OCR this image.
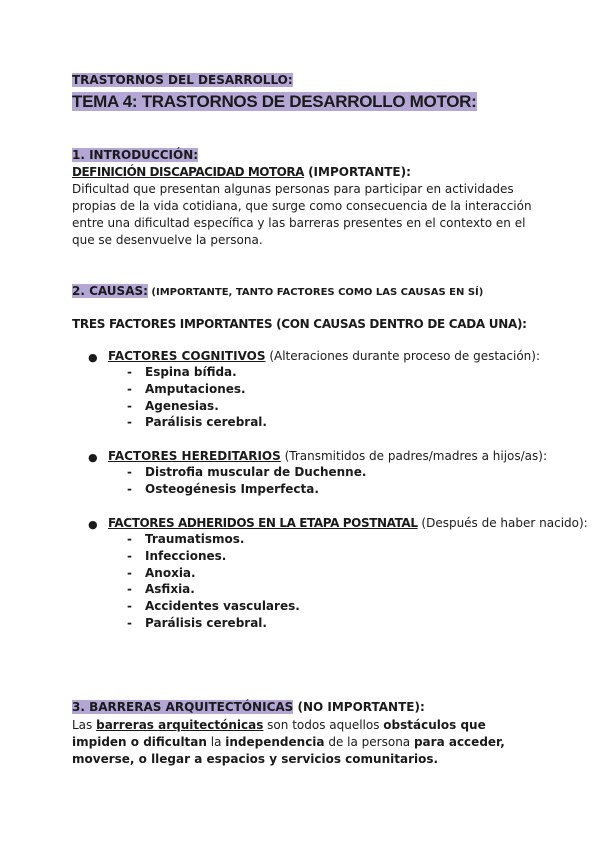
TRASTORNOS DEL DESARROLLO:
TEMA 4: TRASTORNOS DE DESARROLLO MOTOR:
1. INTRODUCCIÓN:
DEFINICIÓN DISCAPACIDAD MOTORA (IMPORTANTE):
Dificultad que presentan algunas personas para participar en actividades propias de la vida cotidiana, que surge como consecuencia de la interacción entre una dificultad específica y las barreras presentes en el contexto en el que se desenvuelve la persona.
2. CAUSAS: (IMPORTANTE, TANTO FACTORES COMO LAS CAUSAS EN SÍ)
TRES FACTORES IMPORTANTES (CON CAUSAS DENTRO DE CADA UNA):
● FACTORES COGNITIVOS (Alteraciones durante proceso de gestación):
- Espina bífida.
- Amputaciones.
- Agenesias.
- Parálisis cerebral.
● FACTORES HEREDITARIOS (Transmitidos de padres/madres a hijos/as):
- Distrofia muscular de Duchenne.
- Osteogénesis Imperfecta.
● FACTORES ADHERIDOS EN LA ETAPA POSTNATAL (Después de haber nacido):
- Traumatismos.
- Infecciones.
- Anoxia.
- Asfixia.
- Accidentes vasculares.
- Parálisis cerebral.
3. BARRERAS ARQUITECTÓNICAS (NO IMPORTANTE):
Las barreras arquitectónicas son todos aquellos obstáculos que impiden o dificultan la independencia de la persona para acceder, moverse, o llegar a espacios y servicios comunitarios.
